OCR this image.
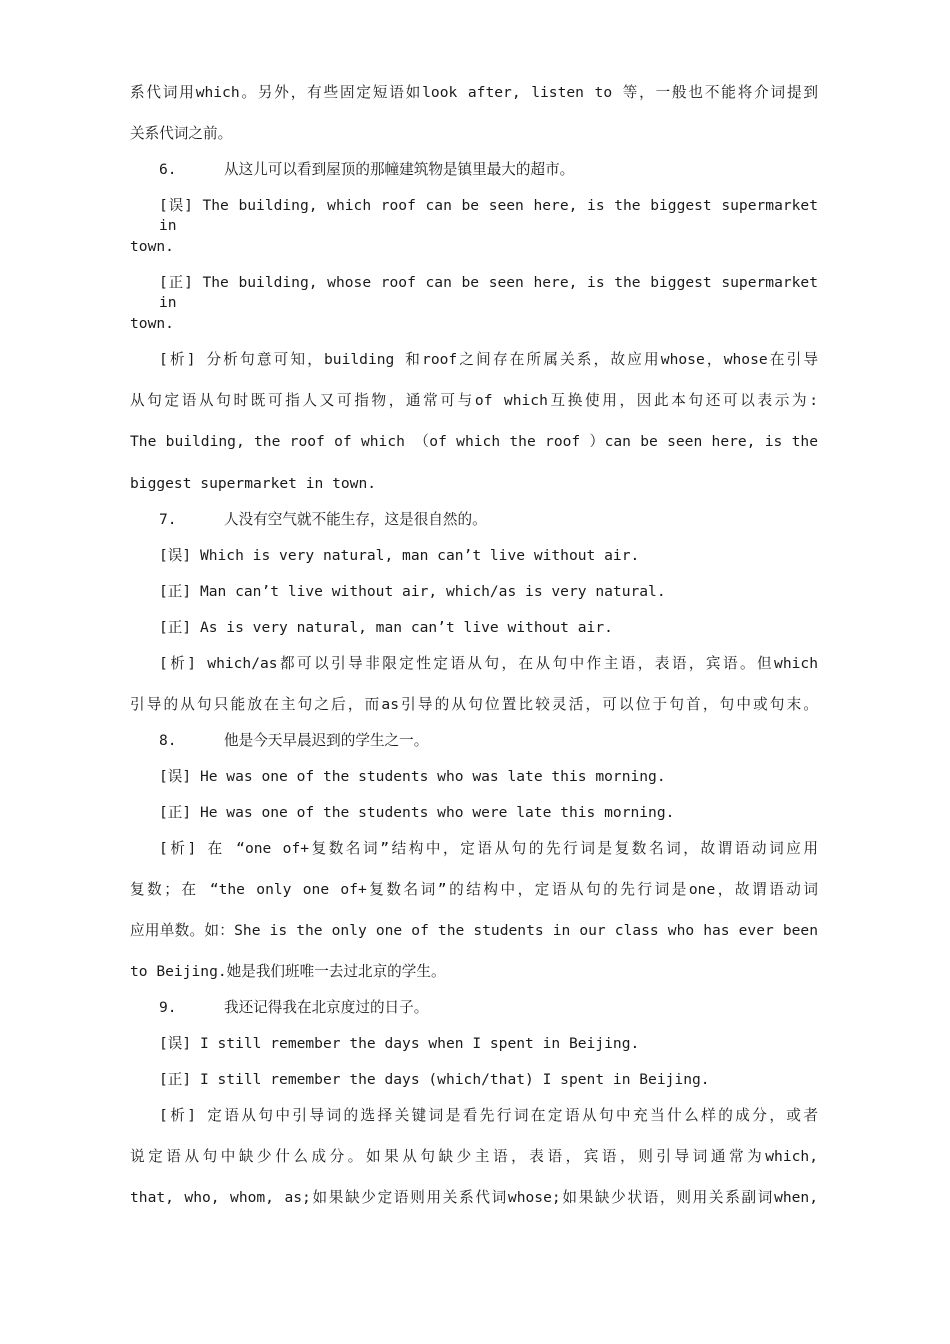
系代词用which。另外，有些固定短语如look after, listen to 等，一般也不能将介词提到

关系代词之前。

6.	从这儿可以看到屋顶的那幢建筑物是镇里最大的超市。

[误] The building, which roof can be seen here, is the biggest supermarket in

town.

[正] The building, whose roof can be seen here, is the biggest supermarket in

town.

[析] 分析句意可知，building 和roof之间存在所属关系，故应用whose，whose在引导

从句定语从句时既可指人又可指物，通常可与of which互换使用，因此本句还可以表示为:

The building, the roof of which （of which the roof ）can be seen here, is the

biggest supermarket in town.

7.	人没有空气就不能生存，这是很自然的。

[误] Which is very natural, man can’t live without air.

[正] Man can’t live without air, which/as is very natural.

[正] As is very natural, man can’t live without air.

[析] which/as都可以引导非限定性定语从句，在从句中作主语，表语，宾语。但which

引导的从句只能放在主句之后，而as引导的从句位置比较灵活，可以位于句首，句中或句末。

8.	他是今天早晨迟到的学生之一。

[误] He was one of the students who was late this morning.

[正] He was one of the students who were late this morning.

[析] 在 “one of+复数名词”结构中，定语从句的先行词是复数名词，故谓语动词应用

复数；在 “the only one of+复数名词”的结构中，定语从句的先行词是one，故谓语动词

应用单数。如：She is the only one of the students in our class who has ever been

to Beijing.她是我们班唯一去过北京的学生。

9.	我还记得我在北京度过的日子。

[误] I still remember the days when I spent in Beijing.

[正] I still remember the days (which/that) I spent in Beijing.

[析] 定语从句中引导词的选择关键词是看先行词在定语从句中充当什么样的成分，或者

说定语从句中缺少什么成分。如果从句缺少主语，表语，宾语，则引导词通常为which,

that, who, whom, as;如果缺少定语则用关系代词whose;如果缺少状语，则用关系副词when,
